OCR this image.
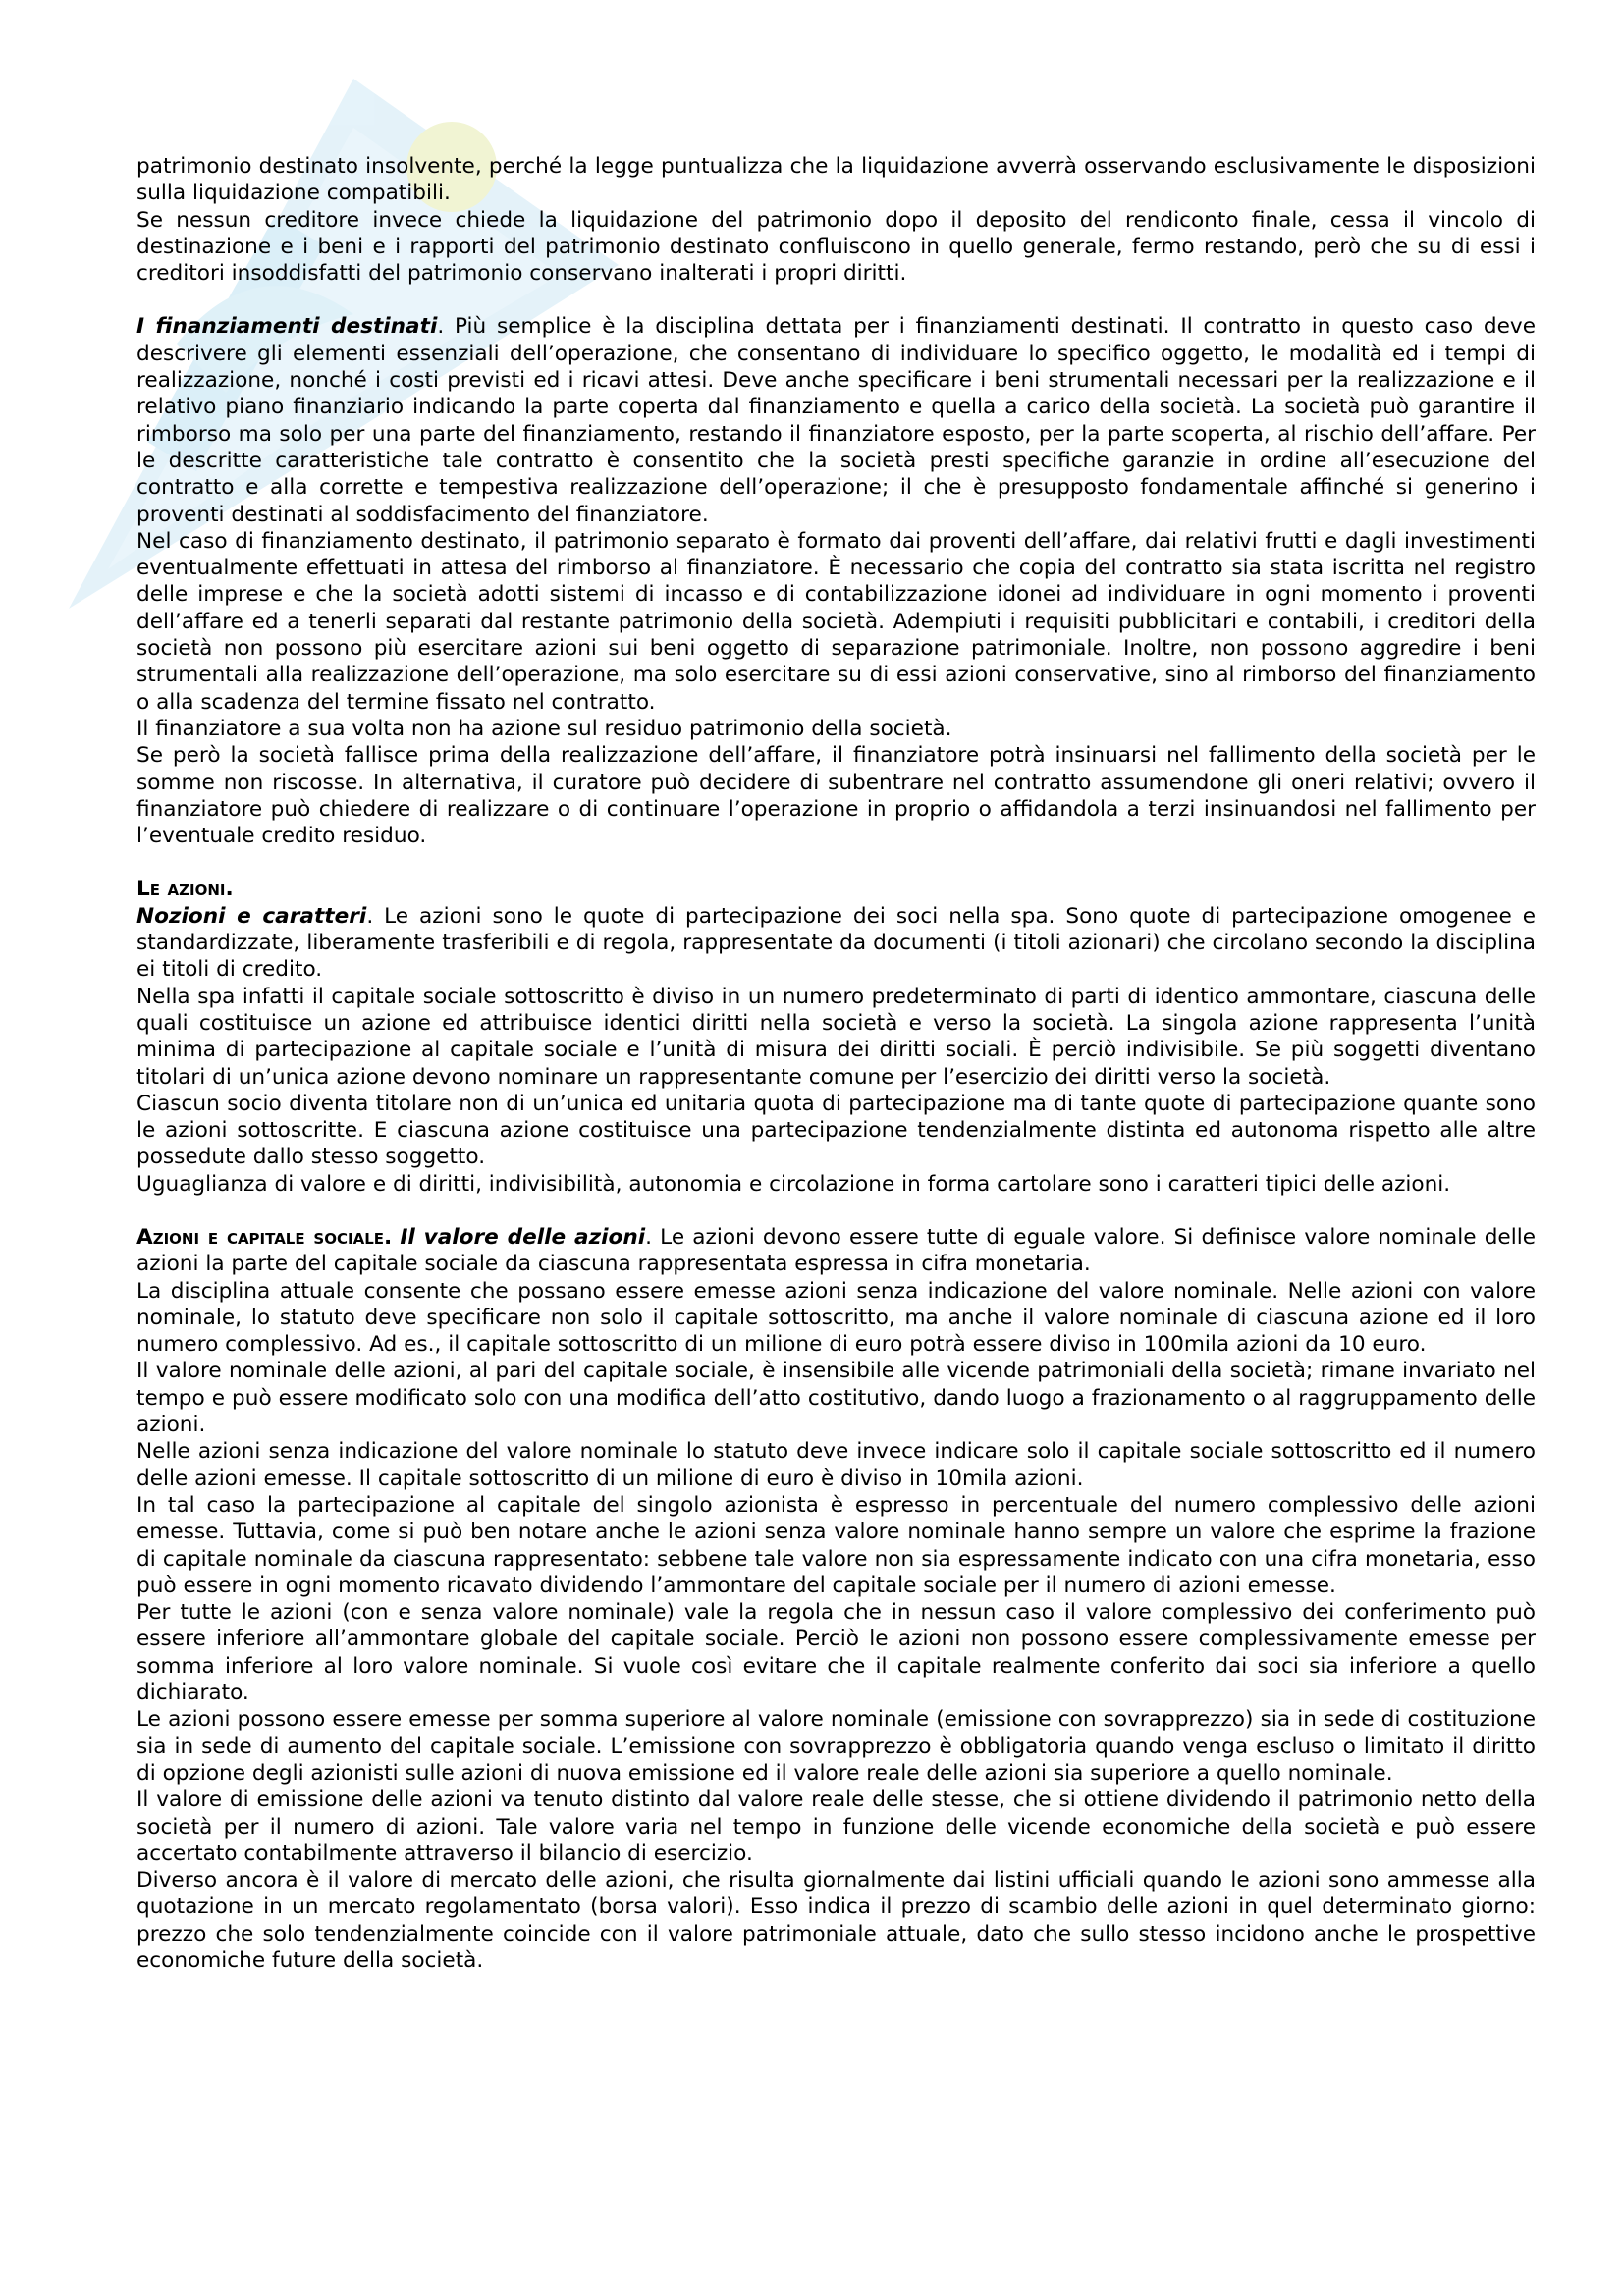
patrimonio destinato insolvente, perché la legge puntualizza che la liquidazione avverrà osservando esclusivamente le disposizioni sulla liquidazione compatibili.

Se nessun creditore invece chiede la liquidazione del patrimonio dopo il deposito del rendiconto finale, cessa il vincolo di destinazione e i beni e i rapporti del patrimonio destinato confluiscono in quello generale, fermo restando, però che su di essi i creditori insoddisfatti del patrimonio conservano inalterati i propri diritti.

I finanziamenti destinati. Più semplice è la disciplina dettata per i finanziamenti destinati. Il contratto in questo caso deve descrivere gli elementi essenziali dell’operazione, che consentano di individuare lo specifico oggetto, le modalità ed i tempi di realizzazione, nonché i costi previsti ed i ricavi attesi. Deve anche specificare i beni strumentali necessari per la realizzazione e il relativo piano finanziario indicando la parte coperta dal finanziamento e quella a carico della società. La società può garantire il rimborso ma solo per una parte del finanziamento, restando il finanziatore esposto, per la parte scoperta, al rischio dell’affare. Per le descritte caratteristiche tale contratto è consentito che la società presti specifiche garanzie in ordine all’esecuzione del contratto e alla corrette e tempestiva realizzazione dell’operazione; il che è presupposto fondamentale affinché si generino i proventi destinati al soddisfacimento del finanziatore.

Nel caso di finanziamento destinato, il patrimonio separato è formato dai proventi dell’affare, dai relativi frutti e dagli investimenti eventualmente effettuati in attesa del rimborso al finanziatore. È necessario che copia del contratto sia stata iscritta nel registro delle imprese e che la società adotti sistemi di incasso e di contabilizzazione idonei ad individuare in ogni momento i proventi dell’affare ed a tenerli separati dal restante patrimonio della società. Adempiuti i requisiti pubblicitari e contabili, i creditori della società non possono più esercitare azioni sui beni oggetto di separazione patrimoniale. Inoltre, non possono aggredire i beni strumentali alla realizzazione dell’operazione, ma solo esercitare su di essi azioni conservative, sino al rimborso del finanziamento o alla scadenza del termine fissato nel contratto.

Il finanziatore a sua volta non ha azione sul residuo patrimonio della società.

Se però la società fallisce prima della realizzazione dell’affare, il finanziatore potrà insinuarsi nel fallimento della società per le somme non riscosse. In alternativa, il curatore può decidere di subentrare nel contratto assumendone gli oneri relativi; ovvero il finanziatore può chiedere di realizzare o di continuare l’operazione in proprio o affidandola a terzi insinuandosi nel fallimento per l’eventuale credito residuo.

Le azioni.

Nozioni e caratteri. Le azioni sono le quote di partecipazione dei soci nella spa. Sono quote di partecipazione omogenee e standardizzate, liberamente trasferibili e di regola, rappresentate da documenti (i titoli azionari) che circolano secondo la disciplina ei titoli di credito.

Nella spa infatti il capitale sociale sottoscritto è diviso in un numero predeterminato di parti di identico ammontare, ciascuna delle quali costituisce un azione ed attribuisce identici diritti nella società e verso la società. La singola azione rappresenta l’unità minima di partecipazione al capitale sociale e l’unità di misura dei diritti sociali. È perciò indivisibile. Se più soggetti diventano titolari di un’unica azione devono nominare un rappresentante comune per l’esercizio dei diritti verso la società.

Ciascun socio diventa titolare non di un’unica ed unitaria quota di partecipazione ma di tante quote di partecipazione quante sono le azioni sottoscritte. E ciascuna azione costituisce una partecipazione tendenzialmente distinta ed autonoma rispetto alle altre possedute dallo stesso soggetto.

Uguaglianza di valore e di diritti, indivisibilità, autonomia e circolazione in forma cartolare sono i caratteri tipici delle azioni.

Azioni e capitale sociale. Il valore delle azioni. Le azioni devono essere tutte di eguale valore. Si definisce valore nominale delle azioni la parte del capitale sociale da ciascuna rappresentata espressa in cifra monetaria.

La disciplina attuale consente che possano essere emesse azioni senza indicazione del valore nominale. Nelle azioni con valore nominale, lo statuto deve specificare non solo il capitale sottoscritto, ma anche il valore nominale di ciascuna azione ed il loro numero complessivo. Ad es., il capitale sottoscritto di un milione di euro potrà essere diviso in 100mila azioni da 10 euro.

Il valore nominale delle azioni, al pari del capitale sociale, è insensibile alle vicende patrimoniali della società; rimane invariato nel tempo e può essere modificato solo con una modifica dell’atto costitutivo, dando luogo a frazionamento o al raggruppamento delle azioni.

Nelle azioni senza indicazione del valore nominale lo statuto deve invece indicare solo il capitale sociale sottoscritto ed il numero delle azioni emesse. Il capitale sottoscritto di un milione di euro è diviso in 10mila azioni.

In tal caso la partecipazione al capitale del singolo azionista è espresso in percentuale del numero complessivo delle azioni emesse. Tuttavia, come si può ben notare anche le azioni senza valore nominale hanno sempre un valore che esprime la frazione di capitale nominale da ciascuna rappresentato: sebbene tale valore non sia espressamente indicato con una cifra monetaria, esso può essere in ogni momento ricavato dividendo l’ammontare del capitale sociale per il numero di azioni emesse.

Per tutte le azioni (con e senza valore nominale) vale la regola che in nessun caso il valore complessivo dei conferimento può essere inferiore all’ammontare globale del capitale sociale. Perciò le azioni non possono essere complessivamente emesse per somma inferiore al loro valore nominale. Si vuole così evitare che il capitale realmente conferito dai soci sia inferiore a quello dichiarato.

Le azioni possono essere emesse per somma superiore al valore nominale (emissione con sovrapprezzo) sia in sede di costituzione sia in sede di aumento del capitale sociale. L’emissione con sovrapprezzo è obbligatoria quando venga escluso o limitato il diritto di opzione degli azionisti sulle azioni di nuova emissione ed il valore reale delle azioni sia superiore a quello nominale.

Il valore di emissione delle azioni va tenuto distinto dal valore reale delle stesse, che si ottiene dividendo il patrimonio netto della società per il numero di azioni. Tale valore varia nel tempo in funzione delle vicende economiche della società e può essere accertato contabilmente attraverso il bilancio di esercizio.

Diverso ancora è il valore di mercato delle azioni, che risulta giornalmente dai listini ufficiali quando le azioni sono ammesse alla quotazione in un mercato regolamentato (borsa valori). Esso indica il prezzo di scambio delle azioni in quel determinato giorno: prezzo che solo tendenzialmente coincide con il valore patrimoniale attuale, dato che sullo stesso incidono anche le prospettive economiche future della società.
